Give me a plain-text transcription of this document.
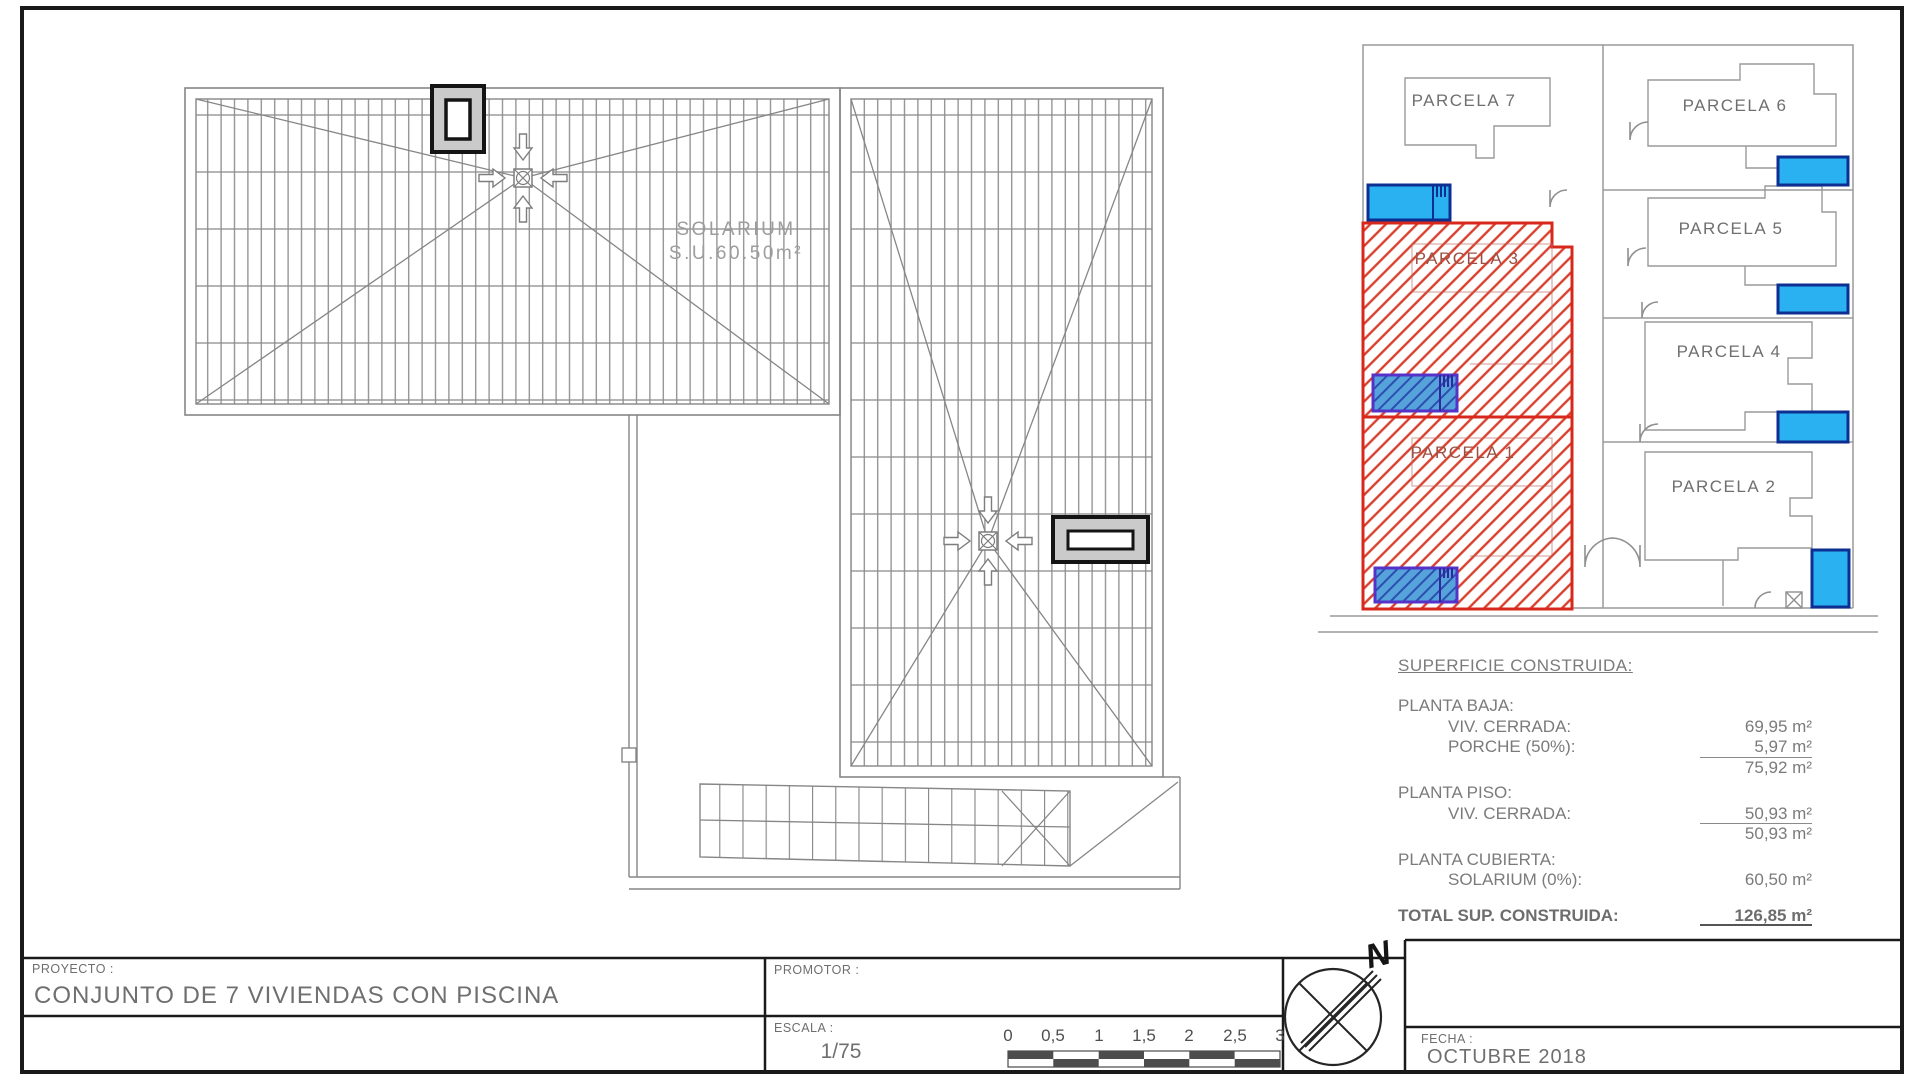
SOLARIUM
S.U.60.50m²
PARCELA 7	PARCELA 6
PARCELA 5
PARCELA 4
PARCELA 2
PARCELA 3
PARCELA 1
SUPERFICIE CONSTRUIDA:
PLANTA BAJA:
VIV. CERRADA:	69,95 m²
PORCHE (50%):	5,97 m²
75,92 m²
PLANTA PISO:
VIV. CERRADA:	50,93 m²
50,93 m²
PLANTA CUBIERTA:
SOLARIUM (0%):	60,50 m²
TOTAL SUP. CONSTRUIDA:	126,85 m²
PROYECTO :
CONJUNTO DE 7 VIVIENDAS CON PISCINA
PROMOTOR :
ESCALA :
1/75
FECHA :
OCTUBRE 2018
N
0 0,5 1 1,5 2 2,5 3
